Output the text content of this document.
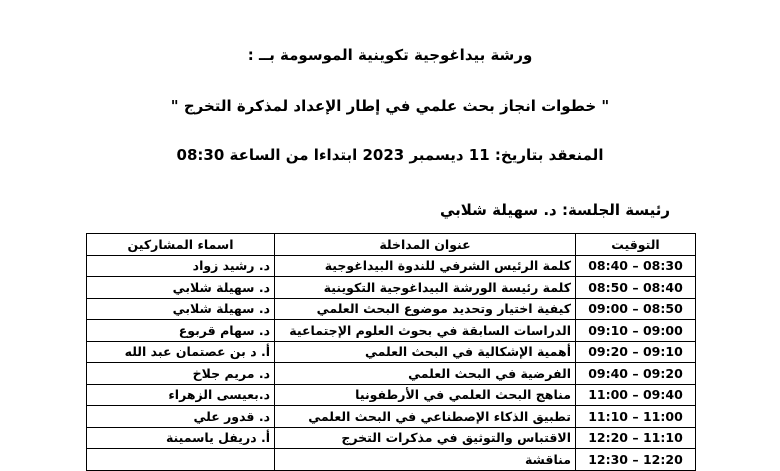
ورشة بيداغوجية تكوينية الموسومة بــ :
" خطوات انجاز بحث علمي في إطار الإعداد لمذكرة التخرج "
المنعقد بتاريخ: 11 ديسمبر 2023 ابتداءا من الساعة 08:30
رئيسة الجلسة: د. سهيلة شلابي
التوقيت	عنوان المداخلة	اسماء المشاركين
08:30 – 08:40	كلمة الرئيس الشرفي للندوة البيداغوجية	د. رشيد زواد
08:40 – 08:50	كلمة رئيسة الورشة البيداغوجية التكوينية	د. سهيلة شلابي
08:50 – 09:00	كيفية اختيار وتحديد موضوع البحث العلمي	د. سهيلة شلابي
09:00 – 09:10	الدراسات السابقة في بحوث العلوم الإجتماعية	د. سهام قربوع
09:10 – 09:20	أهمية الإشكالية في البحث العلمي	أ. د بن عصتمان عبد الله
09:20 – 09:40	الفرضية في البحث العلمي	د. مريم جلاخ
09:40 – 11:00	مناهج البحث العلمي في الأرطفونيا	د.بعيسى الزهراء
11:00 – 11:10	تطبيق الذكاء الإصطناعي في البحث العلمي	د. قدور علي
11:10 – 12:20	الاقتباس والتوثيق في مذكرات التخرج	أ. دريفل ياسمينة
12:20 – 12:30	مناقشة	
